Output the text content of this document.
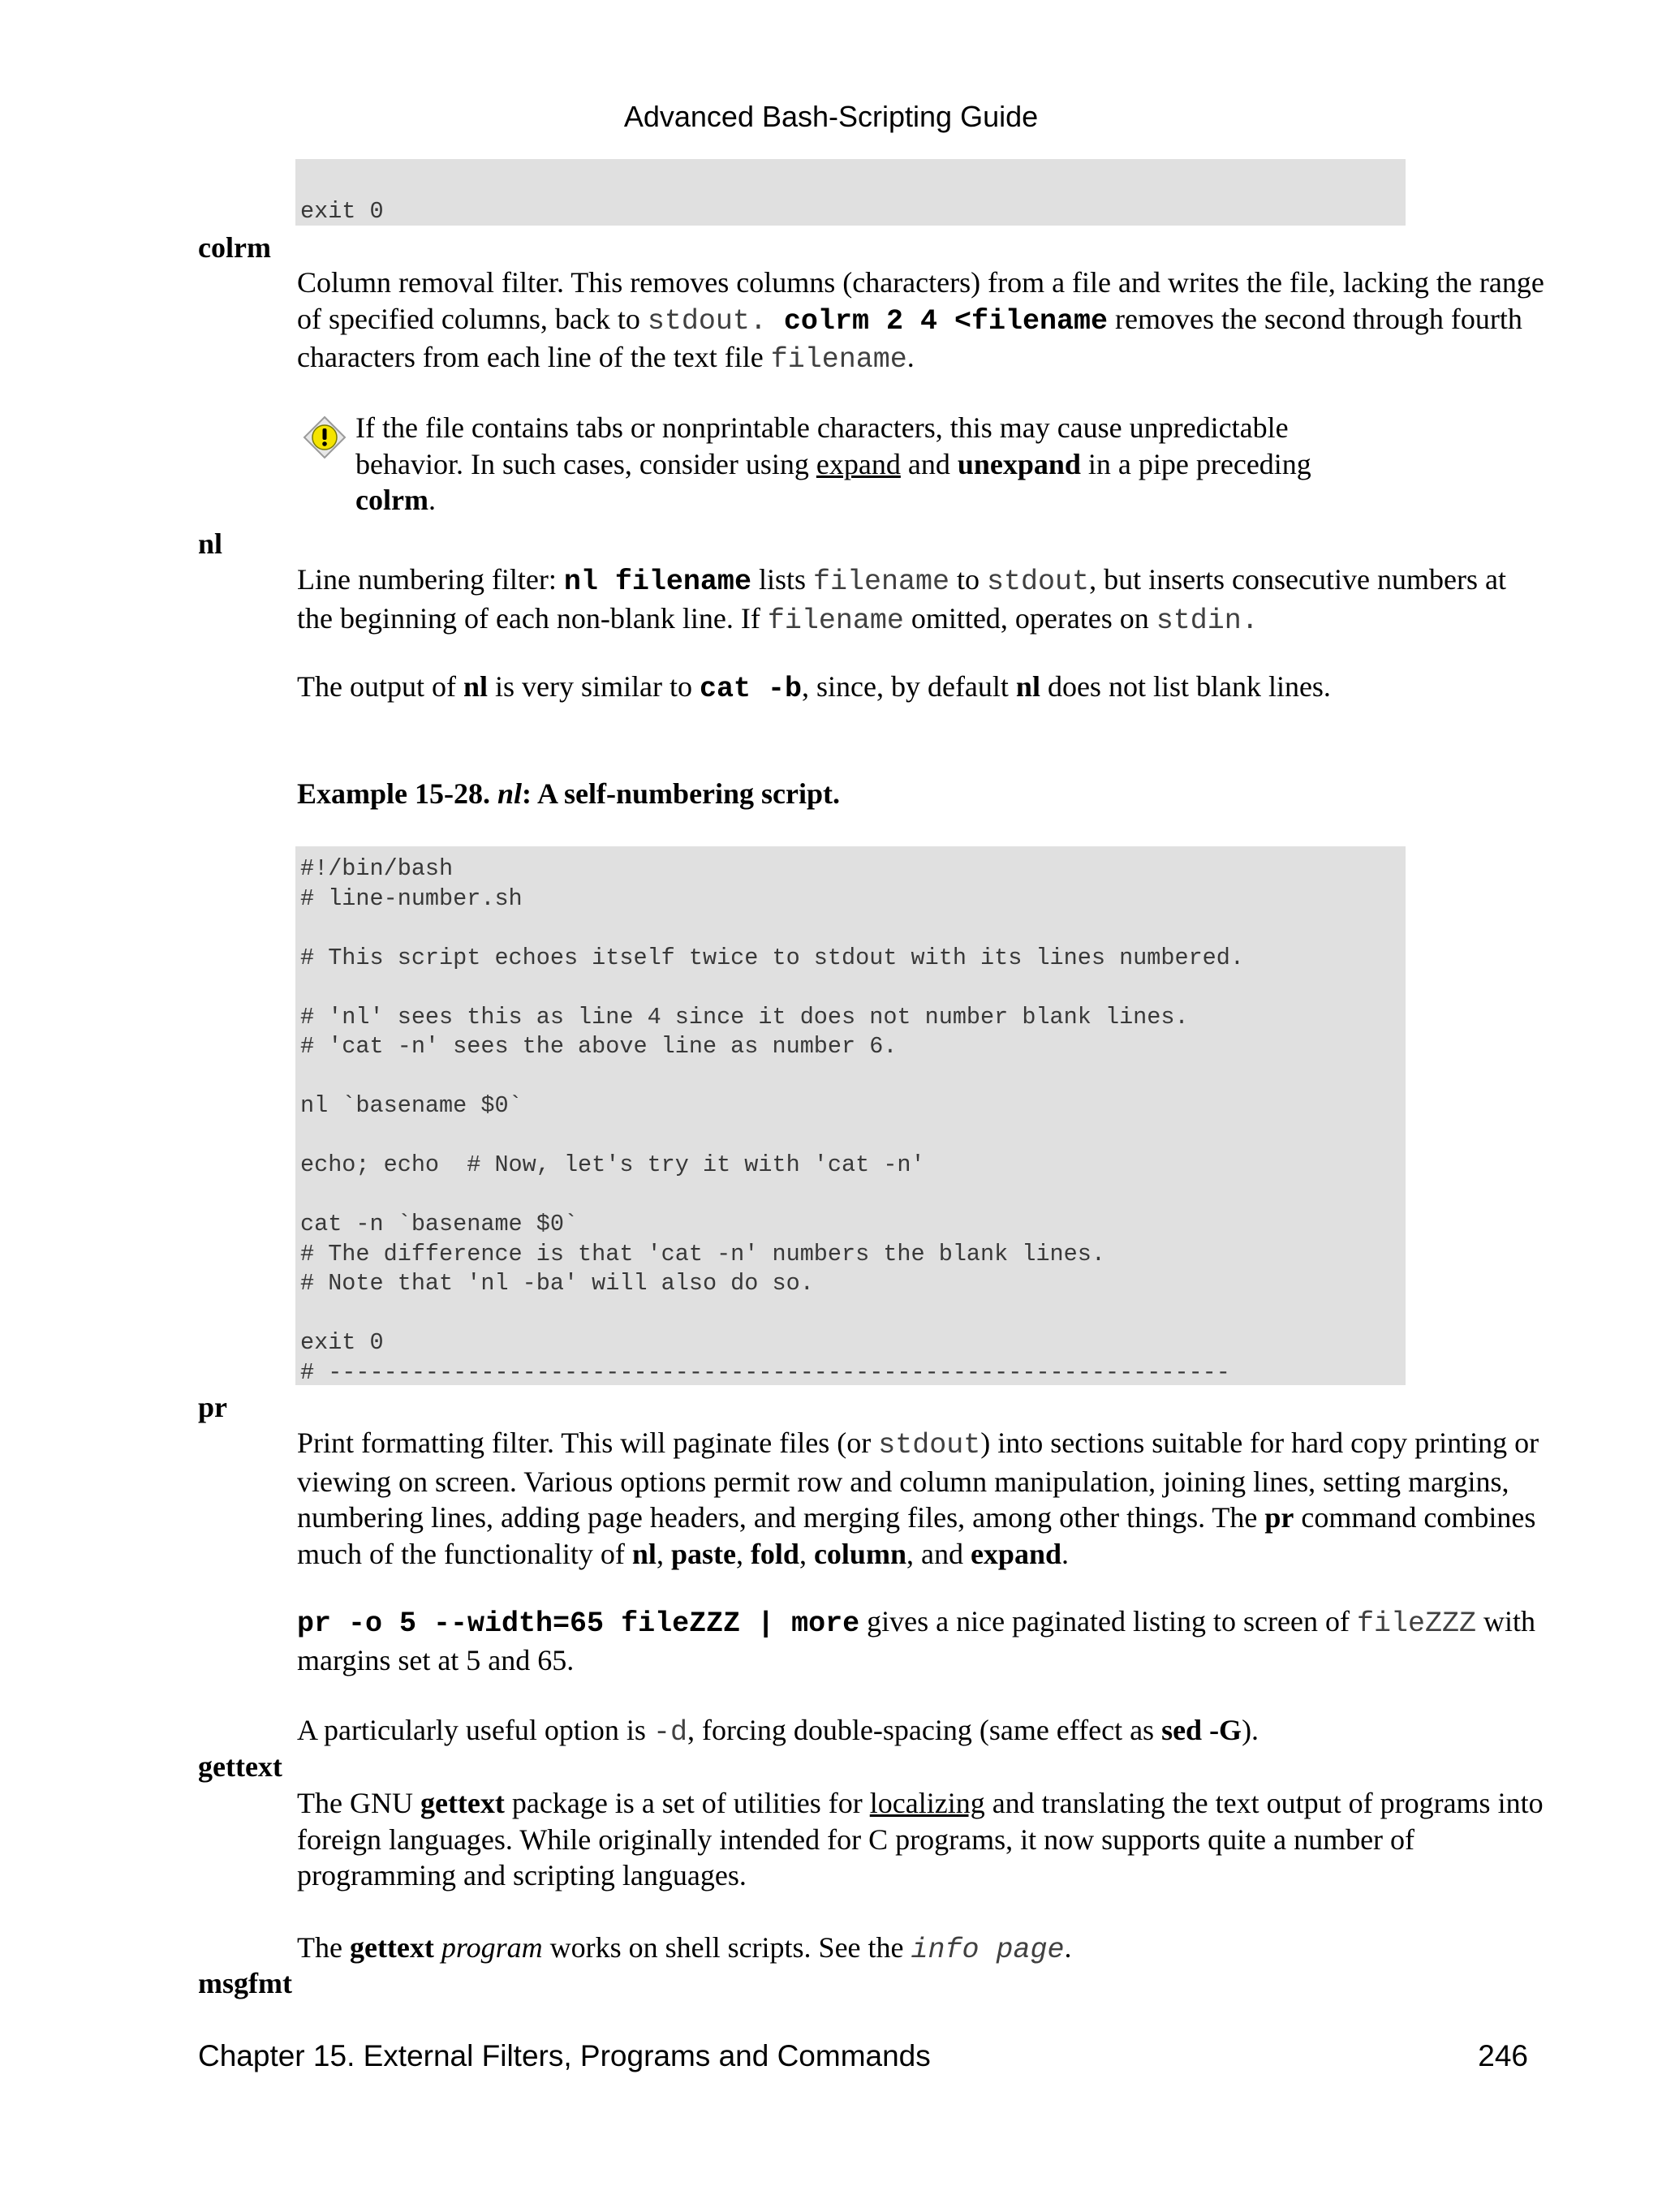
Advanced Bash-Scripting Guide

exit 0
colrm

Column removal filter. This removes columns (characters) from a file and writes the file, lacking the range of specified columns, back to stdout. colrm 2 4 <filename removes the second through fourth characters from each line of the text file filename.

If the file contains tabs or nonprintable characters, this may cause unpredictable behavior. In such cases, consider using expand and unexpand in a pipe preceding colrm.

nl

Line numbering filter: nl filename lists filename to stdout, but inserts consecutive numbers at the beginning of each non-blank line. If filename omitted, operates on stdin.

The output of nl is very similar to cat -b, since, by default nl does not list blank lines.

Example 15-28. nl: A self-numbering script.
#!/bin/bash
# line-number.sh

# This script echoes itself twice to stdout with its lines numbered.

# 'nl' sees this as line 4 since it does not number blank lines.
# 'cat -n' sees the above line as number 6.

nl `basename $0`

echo; echo  # Now, let's try it with 'cat -n'

cat -n `basename $0`
# The difference is that 'cat -n' numbers the blank lines.
# Note that 'nl -ba' will also do so.

exit 0
# -----------------------------------------------------------------
pr

Print formatting filter. This will paginate files (or stdout) into sections suitable for hard copy printing or viewing on screen. Various options permit row and column manipulation, joining lines, setting margins, numbering lines, adding page headers, and merging files, among other things. The pr command combines much of the functionality of nl, paste, fold, column, and expand.

pr -o 5 --width=65 fileZZZ | more gives a nice paginated listing to screen of fileZZZ with margins set at 5 and 65.

A particularly useful option is -d, forcing double-spacing (same effect as sed -G).

gettext

The GNU gettext package is a set of utilities for localizing and translating the text output of programs into foreign languages. While originally intended for C programs, it now supports quite a number of programming and scripting languages.

The gettext program works on shell scripts. See the info page.

msgfmt
Chapter 15. External Filters, Programs and Commands	246
